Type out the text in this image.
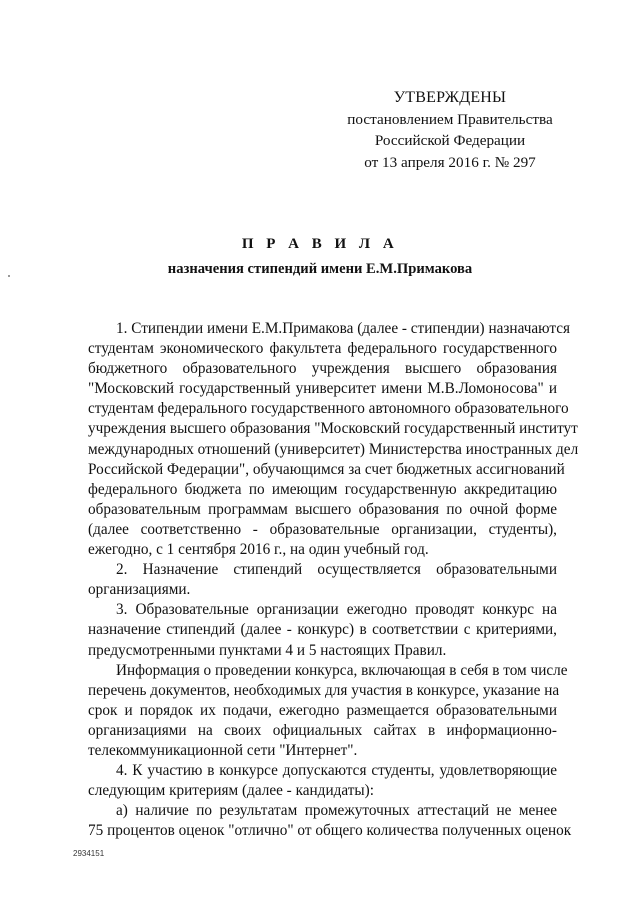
УТВЕРЖДЕНЫ
постановлением Правительства
Российской Федерации
от 13 апреля 2016 г. № 297
П Р А В И Л А
назначения стипендий имени Е.М.Примакова
1. Стипендии имени Е.М.Примакова (далее - стипендии) назначаются
студентам экономического факультета федерального государственного
бюджетного образовательного учреждения высшего образования
"Московский государственный университет имени М.В.Ломоносова" и
студентам федерального государственного автономного образовательного
учреждения высшего образования "Московский государственный институт
международных отношений (университет) Министерства иностранных дел
Российской Федерации", обучающимся за счет бюджетных ассигнований
федерального бюджета по имеющим государственную аккредитацию
образовательным программам высшего образования по очной форме
(далее соответственно - образовательные организации, студенты),
ежегодно, с 1 сентября 2016 г., на один учебный год.
2. Назначение стипендий осуществляется образовательными
организациями.
3. Образовательные организации ежегодно проводят конкурс на
назначение стипендий (далее - конкурс) в соответствии с критериями,
предусмотренными пунктами 4 и 5 настоящих Правил.
Информация о проведении конкурса, включающая в себя в том числе
перечень документов, необходимых для участия в конкурсе, указание на
срок и порядок их подачи, ежегодно размещается образовательными
организациями на своих официальных сайтах в информационно-
телекоммуникационной сети "Интернет".
4. К участию в конкурсе допускаются студенты, удовлетворяющие
следующим критериям (далее - кандидаты):
а) наличие по результатам промежуточных аттестаций не менее
75 процентов оценок "отлично" от общего количества полученных оценок
2934151
